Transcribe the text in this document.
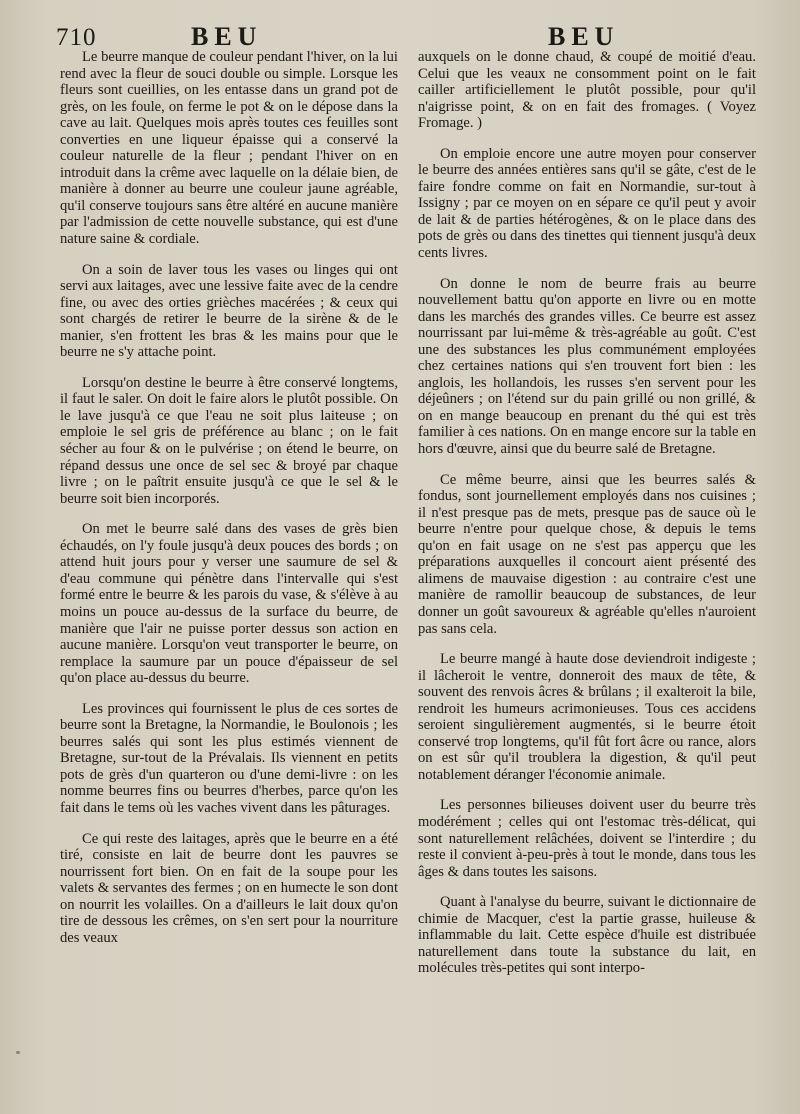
710	BEU	BEU

Le beurre manque de couleur pendant l'hiver, on la lui rend avec la fleur de souci double ou simple. Lorsque les fleurs sont cueillies, on les entasse dans un grand pot de grès, on les foule, on ferme le pot & on le dépose dans la cave au lait. Quelques mois après toutes ces feuilles sont converties en une liqueur épaisse qui a conservé la couleur naturelle de la fleur ; pendant l'hiver on en introduit dans la crême avec laquelle on la délaie bien, de manière à donner au beurre une couleur jaune agréable, qu'il conserve toujours sans être altéré en aucune manière par l'admission de cette nouvelle substance, qui est d'une nature saine & cordiale.

On a soin de laver tous les vases ou linges qui ont servi aux laitages, avec une lessive faite avec de la cendre fine, ou avec des orties grièches macérées ; & ceux qui sont chargés de retirer le beurre de la sirène & de le manier, s'en frottent les bras & les mains pour que le beurre ne s'y attache point.

Lorsqu'on destine le beurre à être conservé longtems, il faut le saler. On doit le faire alors le plutôt possible. On le lave jusqu'à ce que l'eau ne soit plus laiteuse ; on emploie le sel gris de préférence au blanc ; on le fait sécher au four & on le pulvérise ; on étend le beurre, on répand dessus une once de sel sec & broyé par chaque livre ; on le paîtrit ensuite jusqu'à ce que le sel & le beurre soit bien incorporés.

On met le beurre salé dans des vases de grès bien échaudés, on l'y foule jusqu'à deux pouces des bords ; on attend huit jours pour y verser une saumure de sel & d'eau commune qui pénètre dans l'intervalle qui s'est formé entre le beurre & les parois du vase, & s'élève à au moins un pouce au-dessus de la surface du beurre, de manière que l'air ne puisse porter dessus son action en aucune manière. Lorsqu'on veut transporter le beurre, on remplace la saumure par un pouce d'épaisseur de sel qu'on place au-dessus du beurre.

Les provinces qui fournissent le plus de ces sortes de beurre sont la Bretagne, la Normandie, le Boulonois ; les beurres salés qui sont les plus estimés viennent de Bretagne, sur-tout de la Prévalais. Ils viennent en petits pots de grès d'un quarteron ou d'une demi-livre : on les nomme beurres fins ou beurres d'herbes, parce qu'on les fait dans le tems où les vaches vivent dans les pâturages.

Ce qui reste des laitages, après que le beurre en a été tiré, consiste en lait de beurre dont les pauvres se nourrissent fort bien. On en fait de la soupe pour les valets & servantes des fermes ; on en humecte le son dont on nourrit les volailles. On a d'ailleurs le lait doux qu'on tire de dessous les crêmes, on s'en sert pour la nourriture des veaux

auxquels on le donne chaud, & coupé de moitié d'eau. Celui que les veaux ne consomment point on le fait cailler artificiellement le plutôt possible, pour qu'il n'aigrisse point, & on en fait des fromages. ( Voyez Fromage. )

On emploie encore une autre moyen pour conserver le beurre des années entières sans qu'il se gâte, c'est de le faire fondre comme on fait en Normandie, sur-tout à Issigny ; par ce moyen on en sépare ce qu'il peut y avoir de lait & de parties hétérogènes, & on le place dans des pots de grès ou dans des tinettes qui tiennent jusqu'à deux cents livres.

On donne le nom de beurre frais au beurre nouvellement battu qu'on apporte en livre ou en motte dans les marchés des grandes villes. Ce beurre est assez nourrissant par lui-même & très-agréable au goût. C'est une des substances les plus communément employées chez certaines nations qui s'en trouvent fort bien : les anglois, les hollandois, les russes s'en servent pour les déjeûners ; on l'étend sur du pain grillé ou non grillé, & on en mange beaucoup en prenant du thé qui est très familier à ces nations. On en mange encore sur la table en hors d'œuvre, ainsi que du beurre salé de Bretagne.

Ce même beurre, ainsi que les beurres salés & fondus, sont journellement employés dans nos cuisines ; il n'est presque pas de mets, presque pas de sauce où le beurre n'entre pour quelque chose, & depuis le tems qu'on en fait usage on ne s'est pas apperçu que les préparations auxquelles il concourt aient présenté des alimens de mauvaise digestion : au contraire c'est une manière de ramollir beaucoup de substances, de leur donner un goût savoureux & agréable qu'elles n'auroient pas sans cela.

Le beurre mangé à haute dose deviendroit indigeste ; il lâcheroit le ventre, donneroit des maux de tête, & souvent des renvois âcres & brûlans ; il exalteroit la bile, rendroit les humeurs acrimonieuses. Tous ces accidens seroient singulièrement augmentés, si le beurre étoit conservé trop longtems, qu'il fût fort âcre ou rance, alors on est sûr qu'il troublera la digestion, & qu'il peut notablement déranger l'économie animale.

Les personnes bilieuses doivent user du beurre très modérément ; celles qui ont l'estomac très-délicat, qui sont naturellement relâchées, doivent se l'interdire ; du reste il convient à-peu-près à tout le monde, dans tous les âges & dans toutes les saisons.

Quant à l'analyse du beurre, suivant le dictionnaire de chimie de Macquer, c'est la partie grasse, huileuse & inflammable du lait. Cette espèce d'huile est distribuée naturellement dans toute la substance du lait, en molécules très-petites qui sont interpo-
